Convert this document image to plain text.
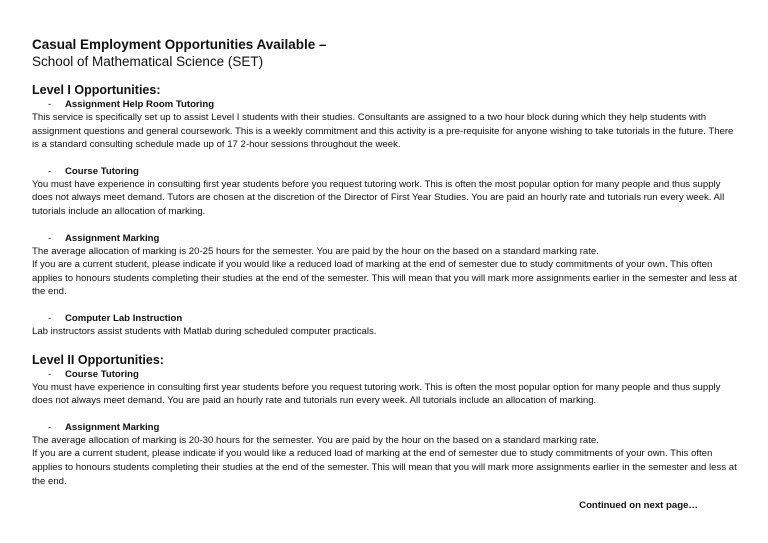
Casual Employment Opportunities Available –
School of Mathematical Science (SET)
Level I Opportunities:
- Assignment Help Room Tutoring

This service is specifically set up to assist Level I students with their studies. Consultants are assigned to a two hour block during which they help students with assignment questions and general coursework. This is a weekly commitment and this activity is a pre-requisite for anyone wishing to take tutorials in the future. There is a standard consulting schedule made up of 17 2-hour sessions throughout the week.

- Course Tutoring

You must have experience in consulting first year students before you request tutoring work. This is often the most popular option for many people and thus supply does not always meet demand. Tutors are chosen at the discretion of the Director of First Year Studies. You are paid an hourly rate and tutorials run every week. All tutorials include an allocation of marking.

- Assignment Marking

The average allocation of marking is 20-25 hours for the semester. You are paid by the hour on the based on a standard marking rate.

If you are a current student, please indicate if you would like a reduced load of marking at the end of semester due to study commitments of your own. This often applies to honours students completing their studies at the end of the semester. This will mean that you will mark more assignments earlier in the semester and less at the end.

- Computer Lab Instruction

Lab instructors assist students with Matlab during scheduled computer practicals.

Level II Opportunities:
- Course Tutoring

You must have experience in consulting first year students before you request tutoring work. This is often the most popular option for many people and thus supply does not always meet demand. You are paid an hourly rate and tutorials run every week. All tutorials include an allocation of marking.

- Assignment Marking

The average allocation of marking is 20-30 hours for the semester. You are paid by the hour on the based on a standard marking rate.

If you are a current student, please indicate if you would like a reduced load of marking at the end of semester due to study commitments of your own. This often applies to honours students completing their studies at the end of the semester. This will mean that you will mark more assignments earlier in the semester and less at the end.

Continued on next page…
